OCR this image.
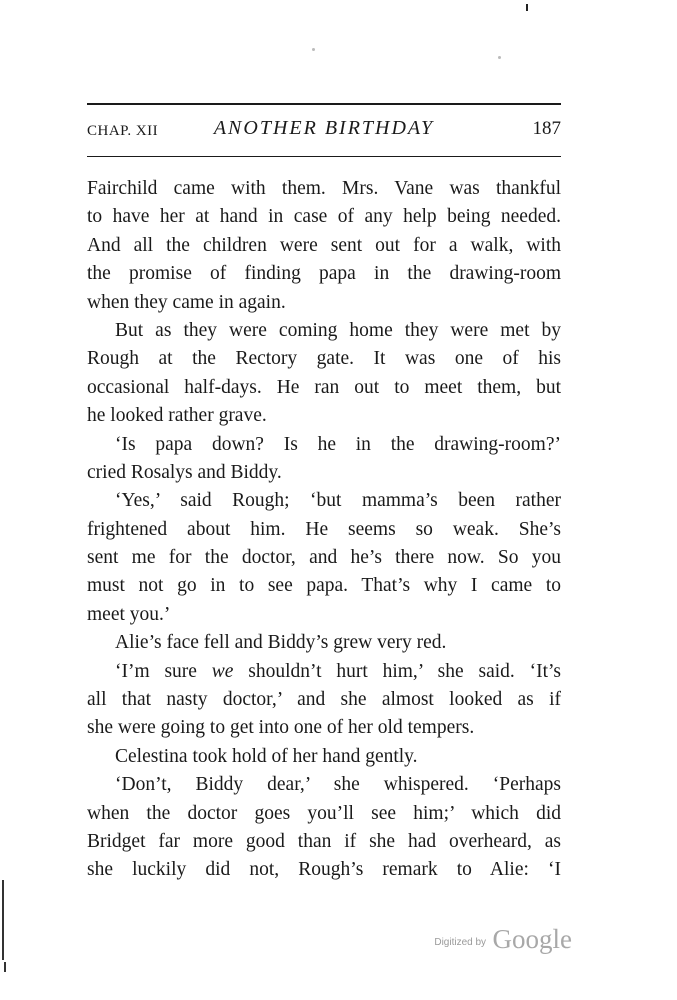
CHAP. XII	ANOTHER BIRTHDAY	187
Fairchild came with them. Mrs. Vane was thankful
to have her at hand in case of any help being needed.
And all the children were sent out for a walk, with
the promise of finding papa in the drawing-room
when they came in again.
But as they were coming home they were met by
Rough at the Rectory gate. It was one of his
occasional half-days. He ran out to meet them, but
he looked rather grave.
‘Is papa down? Is he in the drawing-room?’
cried Rosalys and Biddy.
‘Yes,’ said Rough; ‘but mamma’s been rather
frightened about him. He seems so weak. She’s
sent me for the doctor, and he’s there now. So you
must not go in to see papa. That’s why I came to
meet you.’
Alie’s face fell and Biddy’s grew very red.
‘I’m sure we shouldn’t hurt him,’ she said. ‘It’s
all that nasty doctor,’ and she almost looked as if
she were going to get into one of her old tempers.
Celestina took hold of her hand gently.
‘Don’t, Biddy dear,’ she whispered. ‘Perhaps
when the doctor goes you’ll see him;’ which did
Bridget far more good than if she had overheard, as
she luckily did not, Rough’s remark to Alie: ‘I
Digitized by Google
